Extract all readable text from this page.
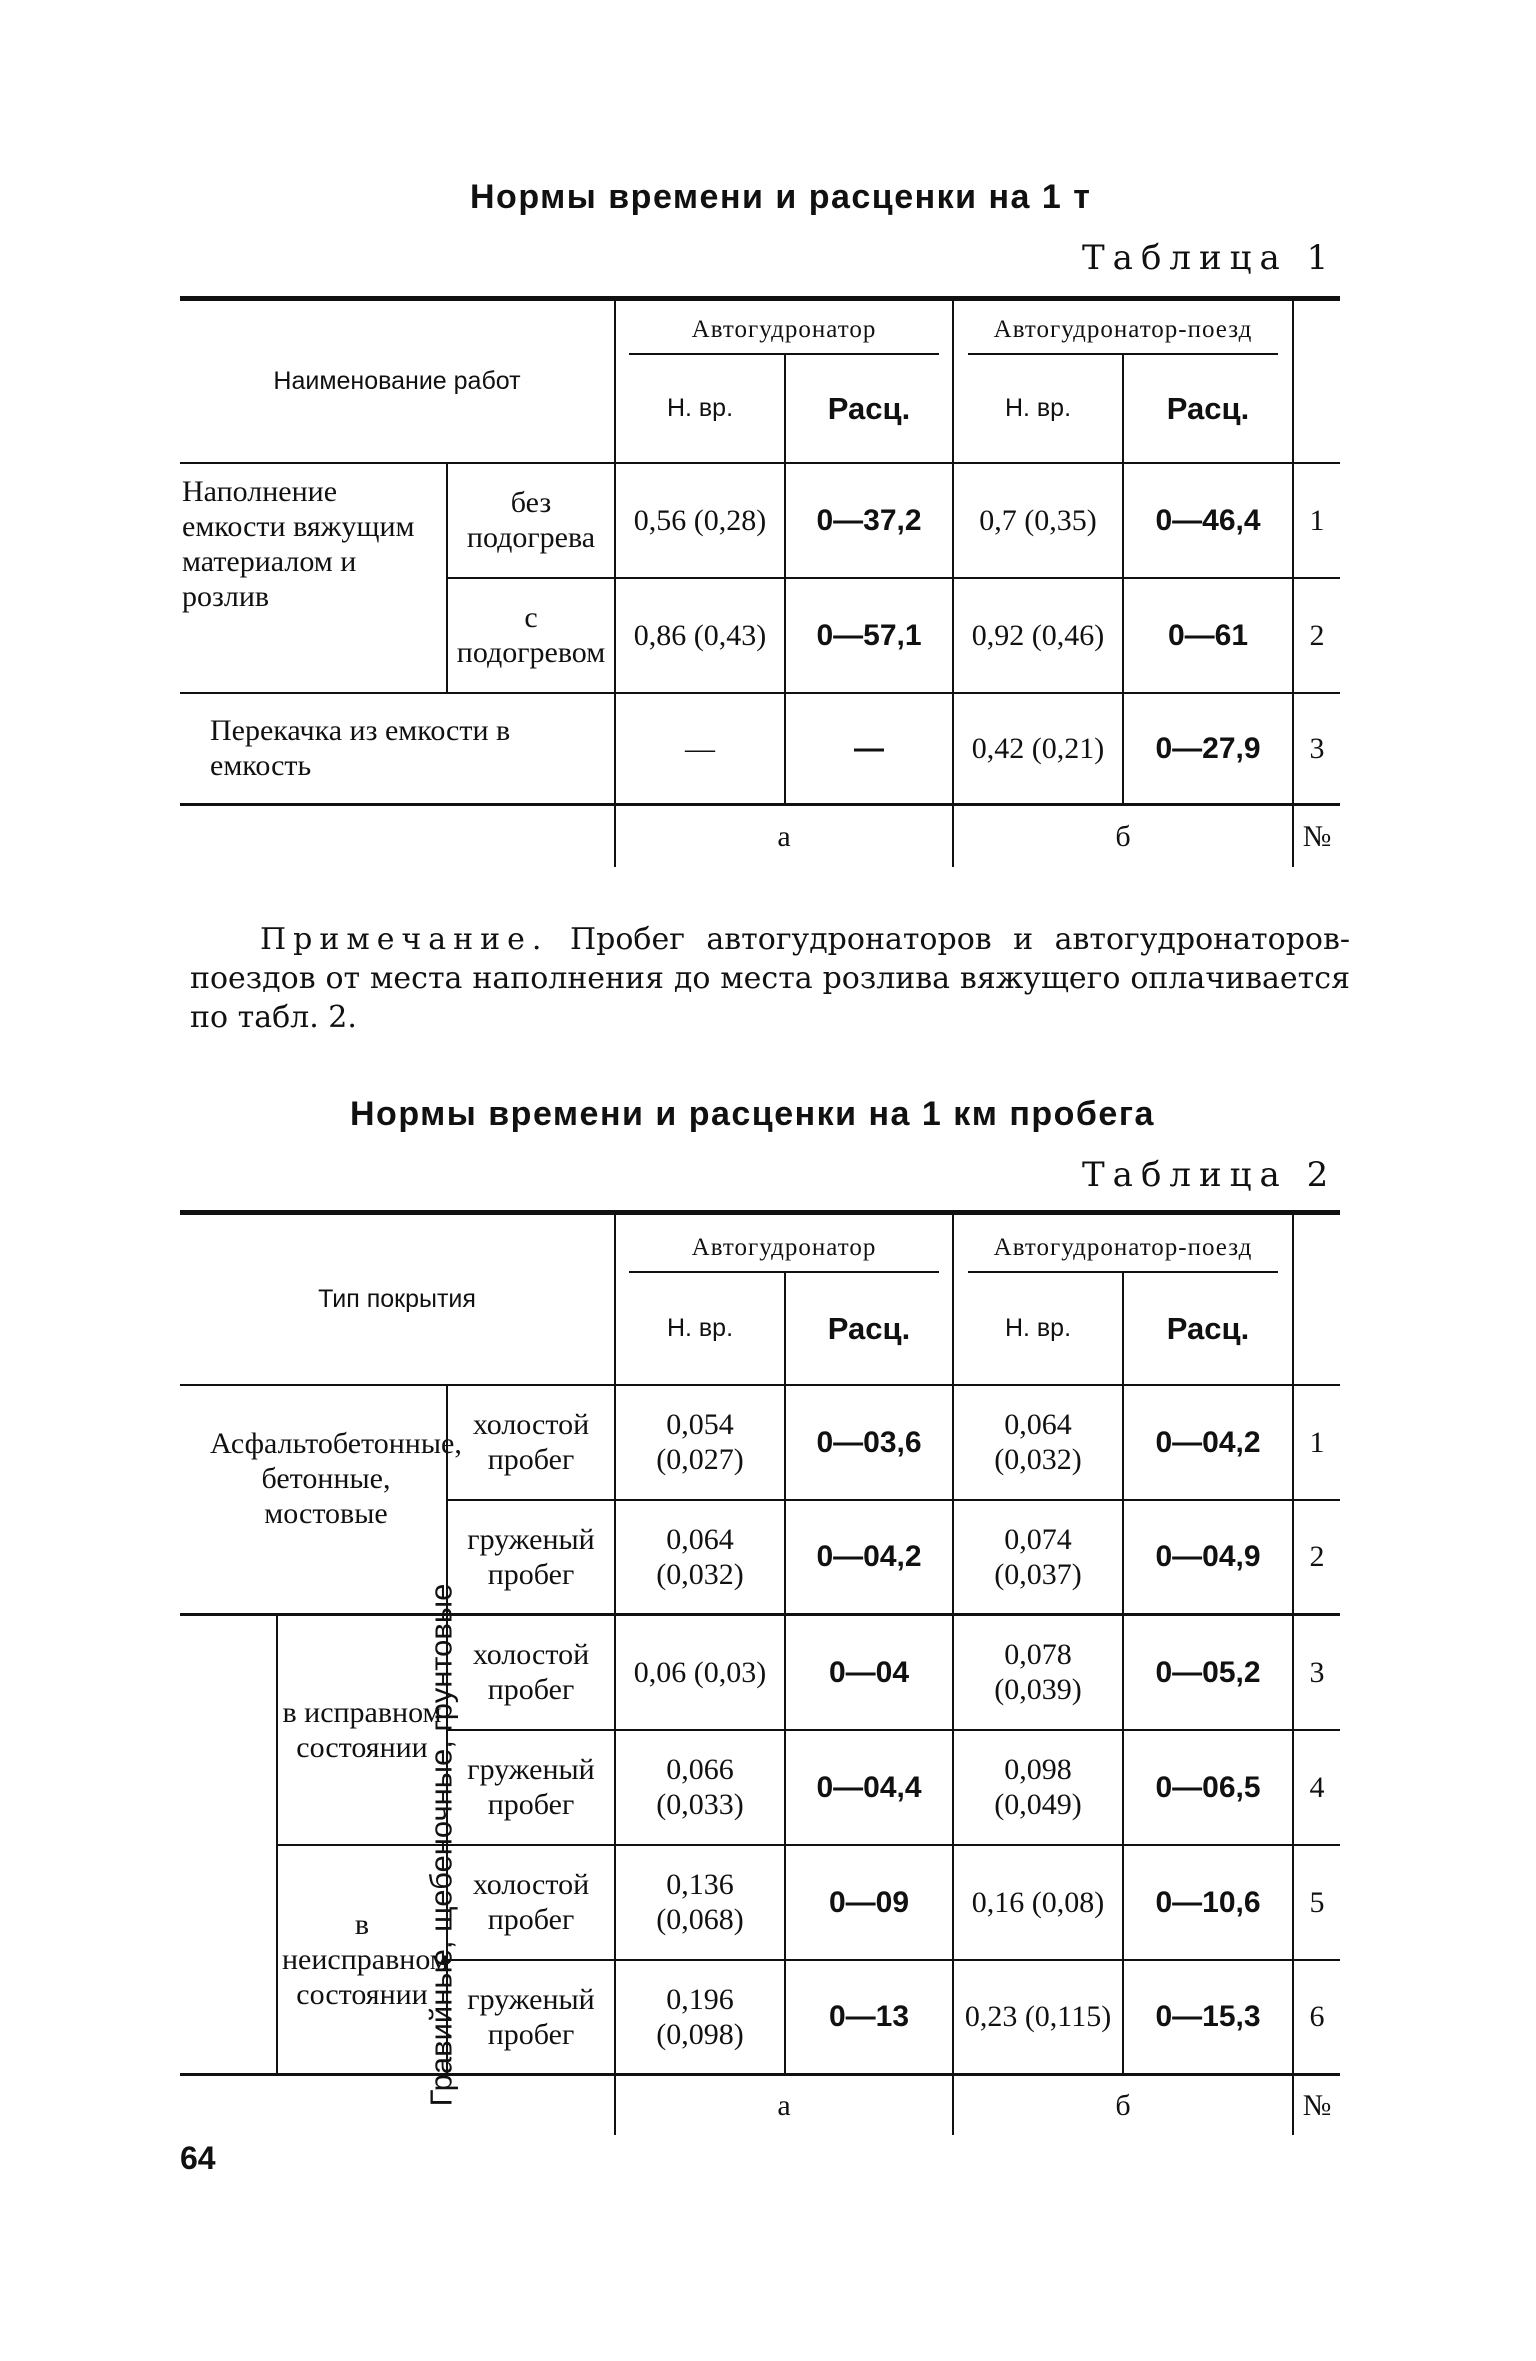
Нормы времени и расценки на 1 т
Таблица 1
Наименование работ		Автогудронатор		Автогудронатор-поезд		
		Н. вр.	Расц.	Н. вр.	Расц.	
Наполнение емкости вяжущим материалом и розлив	без подогрева	0,56 (0,28)	0—37,2	0,7 (0,35)	0—46,4	1
	с подогревом	0,86 (0,43)	0—57,1	0,92 (0,46)	0—61	2
Перекачка из емкости в емкость		—	—	0,42 (0,21)	0—27,9	3
		а		б		№

Примечание. Пробег автогудронаторов и автогудронаторов-поездов от места наполнения до места розлива вяжущего оплачивается по табл. 2.

Нормы времени и расценки на 1 км пробега
Таблица 2
Тип покрытия			Автогудронатор		Автогудронатор-поезд		
			Н. вр.	Расц.	Н. вр.	Расц.	
Асфальтобетонные, бетонные, мостовые		холостой пробег	0,054 (0,027)	0—03,6	0,064 (0,032)	0—04,2	1
		груженый пробег	0,064 (0,032)	0—04,2	0,074 (0,037)	0—04,9	2
Гравийные, щебеночные, грунтовые	в исправном состоянии	холостой пробег	0,06 (0,03)	0—04	0,078 (0,039)	0—05,2	3
		груженый пробег	0,066 (0,033)	0—04,4	0,098 (0,049)	0—06,5	4
	в неисправном состоянии	холостой пробег	0,136 (0,068)	0—09	0,16 (0,08)	0—10,6	5
		груженый пробег	0,196 (0,098)	0—13	0,23 (0,115)	0—15,3	6
			а		б		№
64
